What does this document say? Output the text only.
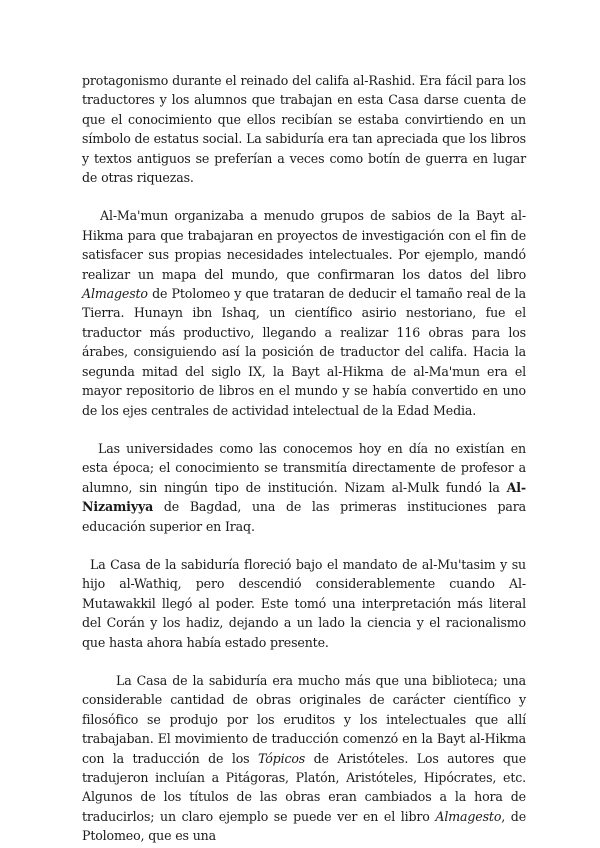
protagonismo durante el reinado del califa al-Rashid. Era fácil para los traductores y los alumnos que trabajan en esta Casa darse cuenta de que el conocimiento que ellos recibían se estaba convirtiendo en un símbolo de estatus social. La sabiduría era tan apreciada que los libros y textos antiguos se preferían a veces como botín de guerra en lugar de otras riquezas.

Al-Ma'mun organizaba a menudo grupos de sabios de la Bayt al-Hikma para que trabajaran en proyectos de investigación con el fin de satisfacer sus propias necesidades intelectuales. Por ejemplo, mandó realizar un mapa del mundo, que confirmaran los datos del libro Almagesto de Ptolomeo y que trataran de deducir el tamaño real de la Tierra. Hunayn ibn Ishaq, un científico asirio nestoriano, fue el traductor más productivo, llegando a realizar 116 obras para los árabes, consiguiendo así la posición de traductor del califa. Hacia la segunda mitad del siglo IX, la Bayt al-Hikma de al-Ma'mun era el mayor repositorio de libros en el mundo y se había convertido en uno de los ejes centrales de actividad intelectual de la Edad Media.

Las universidades como las conocemos hoy en día no existían en esta época; el conocimiento se transmitía directamente de profesor a alumno, sin ningún tipo de institución. Nizam al-Mulk fundó la Al-Nizamiyya de Bagdad, una de las primeras instituciones para educación superior en Iraq.

La Casa de la sabiduría floreció bajo el mandato de al-Mu'tasim y su hijo al-Wathiq, pero descendió considerablemente cuando Al-Mutawakkil llegó al poder. Este tomó una interpretación más literal del Corán y los hadiz, dejando a un lado la ciencia y el racionalismo que hasta ahora había estado presente.

La Casa de la sabiduría era mucho más que una biblioteca; una considerable cantidad de obras originales de carácter científico y filosófico se produjo por los eruditos y los intelectuales que allí trabajaban. El movimiento de traducción comenzó en la Bayt al-Hikma con la traducción de los Tópicos de Aristóteles. Los autores que tradujeron incluían a Pitágoras, Platón, Aristóteles, Hipócrates, etc. Algunos de los títulos de las obras eran cambiados a la hora de traducirlos; un claro ejemplo se puede ver en el libro Almagesto, de Ptolomeo, que es una
